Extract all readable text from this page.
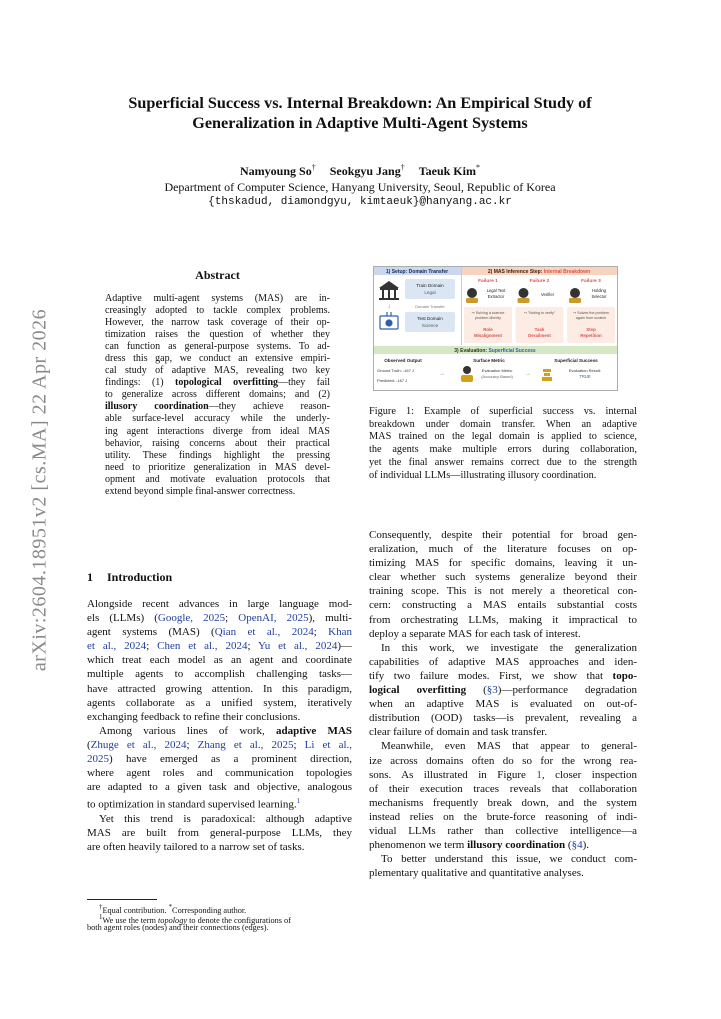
arXiv:2604.18951v2 [cs.MA] 22 Apr 2026
Superficial Success vs. Internal Breakdown: An Empirical Study of
Generalization in Adaptive Multi-Agent Systems
Namyoung So† Seokgyu Jang† Taeuk Kim*
Department of Computer Science, Hanyang University, Seoul, Republic of Korea
{thskadud, diamondgyu, kimtaeuk}@hanyang.ac.kr
Abstract
Adaptive multi-agent systems (MAS) are in-
creasingly adopted to tackle complex problems.
However, the narrow task coverage of their op-
timization raises the question of whether they
can function as general-purpose systems. To ad-
dress this gap, we conduct an extensive empiri-
cal study of adaptive MAS, revealing two key
findings: (1) topological overfitting—they fail
to generalize across different domains; and (2)
illusory coordination—they achieve reason-
able surface-level accuracy while the underly-
ing agent interactions diverge from ideal MAS
behavior, raising concerns about their practical
utility. These findings highlight the pressing
need to prioritize generalization in MAS devel-
opment and motivate evaluation protocols that
extend beyond simple final-answer correctness.
1 Introduction
Alongside recent advances in large language mod-
els (LLMs) (Google, 2025; OpenAI, 2025), multi-
agent systems (MAS) (Qian et al., 2024; Khan
et al., 2024; Chen et al., 2024; Yu et al., 2024)—
which treat each model as an agent and coordinate
multiple agents to accomplish challenging tasks—
have attracted growing attention. In this paradigm,
agents collaborate as a unified system, iteratively
exchanging feedback to refine their conclusions.
Among various lines of work, adaptive MAS
(Zhuge et al., 2024; Zhang et al., 2025; Li et al.,
2025) have emerged as a prominent direction,
where agent roles and communication topologies
are adapted to a given task and objective, analogous
to optimization in standard supervised learning.$^1$
Yet this trend is paradoxical: although adaptive
MAS are built from general-purpose LLMs, they
are often heavily tailored to a narrow set of tasks.
†Equal contribution. *Corresponding author.
$^1$We use the term topology to denote the configurations of
both agent roles (nodes) and their connections (edges).
1) Setup: Domain Transfer	2) MAS Inference Step: Internal Breakdown
Train Domain
Legal
↓	Domain Transfer
Test Domain
Science
Failure 1
Legal Text
Extractor
↪ Solving a science
problem directly
Role
Misalignment
Failure 2
Verifier
↪ "Noting to verify"
Task
Derailment
Failure 3
Holding
Selector
↪ Solves the problem
again from scratch
Step
Repetition
3) Evaluation: Superficial Success
Observed Output
Ground Truth: -167 J
Predicted: -167 J
→
Surface Metric
Evaluation Metric
(Accuracy Based) →
Superficial Success
Evaluation Result:
TRUE
Figure 1: Example of superficial success vs. internal
breakdown under domain transfer. When an adaptive
MAS trained on the legal domain is applied to science,
the agents make multiple errors during collaboration,
yet the final answer remains correct due to the strength
of individual LLMs—illustrating illusory coordination.
Consequently, despite their potential for broad gen-
eralization, much of the literature focuses on op-
timizing MAS for specific domains, leaving it un-
clear whether such systems generalize beyond their
training scope. This is not merely a theoretical con-
cern: constructing a MAS entails substantial costs
from orchestrating LLMs, making it impractical to
deploy a separate MAS for each task of interest.
In this work, we investigate the generalization
capabilities of adaptive MAS approaches and iden-
tify two failure modes. First, we show that topo-
logical overfitting (§3)—performance degradation
when an adaptive MAS is evaluated on out-of-
distribution (OOD) tasks—is prevalent, revealing a
clear failure of domain and task transfer.
Meanwhile, even MAS that appear to general-
ize across domains often do so for the wrong rea-
sons. As illustrated in Figure 1, closer inspection
of their execution traces reveals that collaboration
mechanisms frequently break down, and the system
instead relies on the brute-force reasoning of indi-
vidual LLMs rather than collective intelligence—a
phenomenon we term illusory coordination (§4).
To better understand this issue, we conduct com-
plementary qualitative and quantitative analyses.
